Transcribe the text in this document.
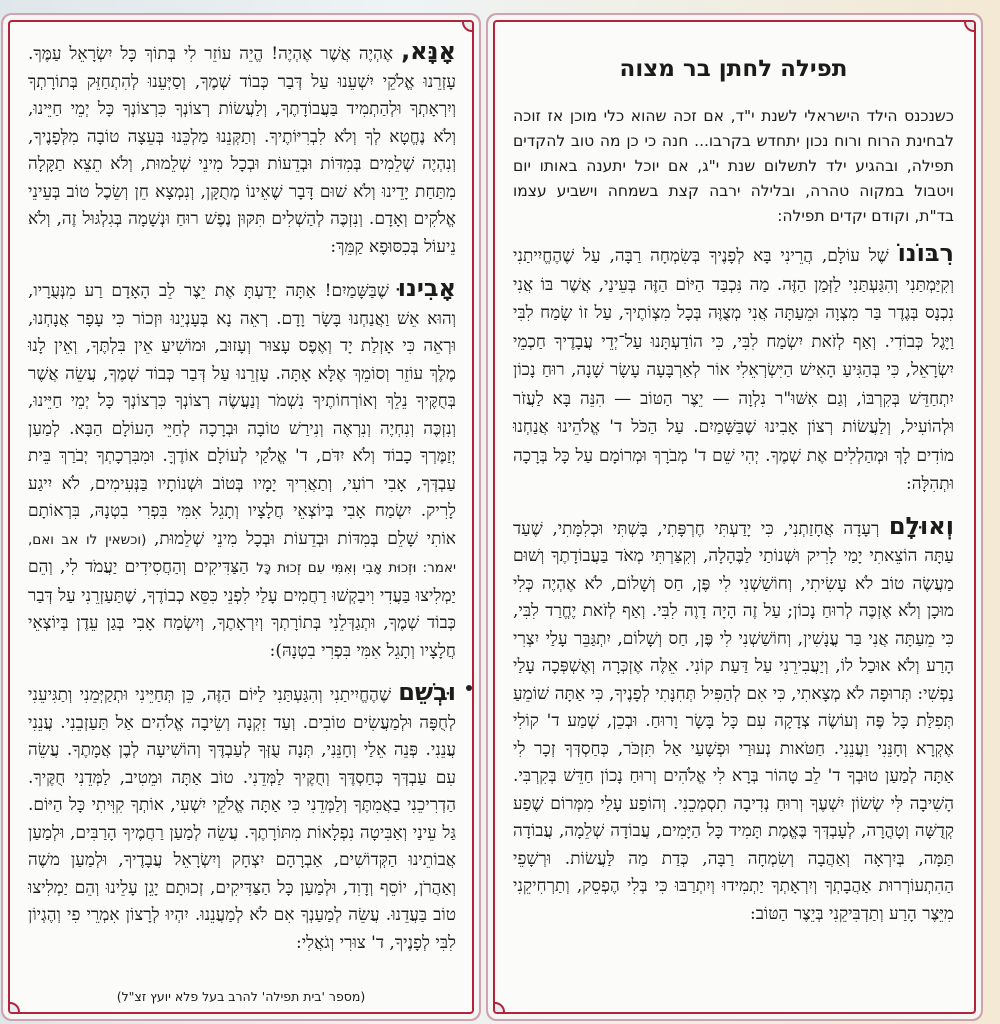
תפילה לחתן בר מצוה

כשנכנס הילד הישראלי לשנת י"ד, אם זכה שהוא כלי מוכן אז זוכה לבחינת הרוח ורוח נכון יתחדש בקרבו... חנה כי כן מה טוב להקדים תפילה, ובהגיע ילד לתשלום שנת י"ג, אם יוכל יתענה באותו יום ויטבול במקוה טהרה, ובלילה ירבה קצת בשמחה וישביע עצמו בד"ת, וקודם יקדים תפילה:

רִבּוֹנוֹ שֶׁל עוֹלָם, הֲרֵינִי בָּא לְפָנֶיךָ בְּשִׂמְחָה רַבָּה, עַל שֶׁהֶחֱיִיתַנִי וְקִיַּמְתַּנִי וְהִגַּעְתַּנִי לַזְּמַן הַזֶּה. מַה נִּכְבַּד הַיּוֹם הַזֶּה בְּעֵינַי, אֲשֶׁר בּוֹ אֲנִי נִכְנָס בְּגֶדֶר בַּר מִצְוָה וּמֵעַתָּה אֲנִי מְצֻוֶּה בְּכָל מִצְוֹתֶיךָ, עַל זוֹ שָׂמַח לִבִּי וַיָּגֶל כְּבוֹדִי. וְאַף לְזֹאת יִשְׂמַח לִבִּי, כִּי הוֹדַעְתָּנוּ עַל־יְדֵי עֲבָדֶיךָ חַכְמֵי יִשְׂרָאֵל, כִּי בְּהַגִּיעַ הָאִישׁ הַיִּשְׂרְאֵלִי אוֹר לְאַרְבָּעָה עָשָׂר שָׁנָה, רוּחַ נָכוֹן יִתְחַדֵּשׁ בְּקִרְבּוֹ, וְגַם אִשּׁוּ"ר נִלְוָה — יֵצֶר הַטּוֹב — הִנֵּה בָּא לַעֲזֹר וּלְהוֹעִיל, וְלַעֲשׂוֹת רְצוֹן אָבִינוּ שֶׁבַּשָּׁמַיִם. עַל הַכֹּל ד' אֱלֹהֵינוּ אֲנַחְנוּ מוֹדִים לָךְ וּמְהַלְלִים אֶת שְׁמֶךָ. יְהִי שֵׁם ד' מְבֹרָךְ וּמְרוֹמָם עַל כָּל בְּרָכָה וּתְהִלָּה:

וְאוּלָם רְעָדָה אֲחָזַתְנִי, כִּי יָדַעְתִּי חֶרְפָּתִי, בָּשְׁתִּי וּכְלִמָּתִי, שֶׁעַד עַתָּה הוֹצֵאתִי יָמַי לָרִיק וּשְׁנוֹתַי לַבֶּהָלָה, וְקִצַּרְתִּי מְאֹד בַּעֲבוֹדָתֶךָ וְשׁוּם מַעֲשֶׂה טוֹב לֹא עָשִׂיתִי, וְחוֹשַׁשְׁנִי לִי פֶּן, חַס וְשָׁלוֹם, לֹא אֶהְיֶה כְּלִי מוּכָן וְלֹא אֶזְכֶּה לְרוּחַ נָכוֹן; עַל זֶה הָיָה דָוֶה לִבִּי. וְאַף לְזֹאת יֶחֱרַד לִבִּי, כִּי מֵעַתָּה אֲנִי בַּר עֳנָשִׁין, וְחוֹשַׁשְׁנִי לִי פֶּן, חַס וְשָׁלוֹם, יִתְגַּבֵּר עָלַי יִצְרִי הָרַע וְלֹא אוּכַל לוֹ, וְיַעֲבִירֵנִי עַל דַּעַת קוֹנִי. אֵלֶּה אֶזְכְּרָה וְאֶשְׁפְּכָה עָלַי נַפְשִׁי: תְּרוּפָה לֹא מְצָאתִי, כִּי אִם לְהַפִּיל תְּחִנָּתִי לְפָנֶיךָ, כִּי אַתָּה שׁוֹמֵעַ תְּפִלַּת כָּל פֶּה וְעוֹשֶׂה צְדָקָה עִם כָּל בָּשָׂר וָרוּחַ. וּבְכֵן, שְׁמַע ד' קוֹלִי אֶקְרָא וְחָנֵּנִי וַעֲנֵנִי. חַטֹּאות נְעוּרַי וּפְשָׁעַי אַל תִּזְכֹּר, כְּחַסְדְּךָ זְכָר לִי אַתָּה לְמַעַן טוּבְךָ ד' לֵב טָהוֹר בְּרָא לִי אֱלֹהִים וְרוּחַ נָכוֹן חַדֵּשׁ בְּקִרְבִּי. הָשִׁיבָה לִּי שְׂשׂוֹן יִשְׁעֶךָ וְרוּחַ נְדִיבָה תִסְמְכֵנִי. וְהוֹפַע עָלַי מִמְּרוֹם שֶׁפַע קְדֻשָּׁה וְטָהֳרָה, לְעָבְדְּךָ בֶּאֱמֶת תָּמִיד כָּל הַיָּמִים, עֲבוֹדָה שְׁלֵמָה, עֲבוֹדָה תַּמָּה, בְּיִרְאָה וְאַהֲבָה וְשִׂמְחָה רַבָּה, כְּדַת מַה לַּעֲשׂוֹת. וּרְשָׁפֵי הַהִתְעוֹרְרוּת אַהֲבָתְךָ וְיִרְאָתְךָ יַתְמִידוּ וְיִתְרַבּוּ כִּי בְּלִי הֶפְסֵק, וְתַרְחִיקֵנִי מִיֵּצֶר הָרַע וְתַדְבִּיקֵנִי בְּיֵצֶר הַטּוֹב:

אָנָּא, אֶהְיֶה אֲשֶׁר אֶהְיֶה! הֱיֵה עוֹזֵר לִי בְּתוֹךְ כָּל יִשְׂרָאֵל עַמֶּךָ. עָזְרֵנוּ אֱלֹקֵי יִשְׁעֵנוּ עַל דְּבַר כְּבוֹד שְׁמֶךָ, וְסַיְּעֵנוּ לְהִתְחַזֵּק בְּתוֹרָתְךָ וְיִרְאָתְךָ וּלְהַתְמִיד בַּעֲבוֹדָתֶךָ, וְלַעֲשׂוֹת רְצוֹנְךָ כִּרְצוֹנְךָ כָּל יְמֵי חַיֵּינוּ, וְלֹא נֶחֱטָא לְךָ וְלֹא לִבְרִיּוֹתֶיךָ. וְתַקְּנֵנוּ מַלְכֵּנוּ בְּעֵצָה טוֹבָה מִלְּפָנֶיךָ, וְנִהְיֶה שְׁלֵמִים בְּמִדּוֹת וּבְדֵעוֹת וּבְכָל מִינֵי שְׁלֵמוּת, וְלֹא תֵצֵא תַקָּלָה מִתַּחַת יָדֵינוּ וְלֹא שׁוּם דָּבָר שֶׁאֵינוֹ מְתֻקָּן, וְנִמְצָא חֵן וְשֵׂכֶל טוֹב בְּעֵינֵי אֱלֹקִים וְאָדָם. וְנִזְכֶּה לְהַשְׁלִים תִּקּוּן נֶפֶשׁ רוּחַ וּנְשָׁמָה בְּגִלְגּוּל זֶה, וְלֹא נֵיעוֹל בְּכִסּוּפָא קַמֵּךְ:

אָבִינוּ שֶׁבַּשָּׁמַיִם! אַתָּה יָדַעְתָּ אֶת יֵצֶר לֵב הָאָדָם רַע מִנְּעֻרָיו, וְהוּא אֵשׁ וַאֲנַחְנוּ בָּשָׂר וָדָם. רְאֵה נָא בְּעָנְיֵנוּ וּזְכוֹר כִּי עָפָר אֲנָחְנוּ, וּרְאֵה כִּי אָזְלַת יָד וְאֶפֶס עָצוּר וְעָזוּב, וּמוֹשִׁיעַ אֵין בִּלְתֶּךָ, וְאֵין לָנוּ מֶלֶךְ עוֹזֵר וְסוֹמֵךְ אֶלָּא אָתָּה. עָזְרֵנוּ עַל דְּבַר כְּבוֹד שְׁמֶךָ, עֲשֵׂה אֲשֶׁר בְּחֻקֶּיךָ נֵלֵךְ וְאוֹרְחוֹתֶיךָ נִשְׁמֹר וְנַעֲשֶׂה רְצוֹנְךָ כִּרְצוֹנְךָ כָּל יְמֵי חַיֵּינוּ, וְנִזְכֶּה וְנִחְיֶה וְנִרְאֶה וְנִירַשׁ טוֹבָה וּבְרָכָה לְחַיֵּי הָעוֹלָם הַבָּא. לְמַעַן יְזַמֶּרְךָ כָבוֹד וְלֹא יִדֹּם, ד' אֱלֹקַי לְעוֹלָם אוֹדֶךָּ. וּמִבִּרְכָתְךָ יְבֹרַךְ בֵּית עַבְדְּךָ, אָבִי רוֹעִי, וְתַאֲרִיךְ יָמָיו בְּטוֹב וּשְׁנוֹתָיו בַּנְּעִימִים, לֹא יִיגַע לָרִיק. יִשְׂמַח אָבִי בְּיוֹצְאֵי חֲלָצָיו וְתָגֵל אִמִּי בִּפְרִי בִטְנָהּ, בִּרְאוֹתָם אוֹתִי שָׁלֵם בְּמִדּוֹת וּבְדֵעוֹת וּבְכָל מִינֵי שְׁלֵמוּת, (וכשאין לו אב ואם, יאמר: וּזְכוּת אָבִי וְאִמִּי עִם זְכוּת כָּל הַצַּדִּיקִים וְהַחֲסִידִים יַעֲמֹד לִי, וְהֵם יַמְלִיצוּ בַּעֲדִי וִיבַקְשׁוּ רַחֲמִים עָלַי לִפְנֵי כִּסֵּא כְבוֹדֶךָ, שֶׁתַּעַזְרֵנִי עַל דְּבַר כְּבוֹד שְׁמֶךָ, וּתְגַדְּלֵנִי בְּתוֹרָתְךָ וְיִרְאָתֶךָ, וְיִשְׂמַח אָבִי בְּגַן עֵדֶן בְּיוֹצְאֵי חֲלָצָיו וְתָגֵל אִמִּי בִּפְרִי בִטְנָהּ):

וּבְשֵׁם שֶׁהֶחֱיִיתַנִי וְהִגַּעְתַּנִי לַיּוֹם הַזֶּה, כֵּן תְּחַיֵּינִי וּתְקַיְּמֵנִי וְתַגִּיעֵנִי לְחֻפָּה וּלְמַעֲשִׂים טוֹבִים. וְעַד זִקְנָה וְשֵׂיבָה אֱלֹהִים אַל תַּעַזְבֵנִי. עֲנֵנִי עֲנֵנִי. פְּנֵה אֵלַי וְחָנֵּנִי, תְּנָה עֻזְּךָ לְעַבְדֶּךָ וְהוֹשִׁיעָה לְבֶן אֲמָתֶךָ. עֲשֵׂה עִם עַבְדְּךָ כְּחַסְדֶּךָ וְחֻקֶּיךָ לַמְּדֵנִי. טוֹב אַתָּה וּמֵטִיב, לַמְּדֵנִי חֻקֶּיךָ. הַדְרִיכֵנִי בַאֲמִתֶּךָ וְלַמְּדֵנִי כִּי אַתָּה אֱלֹקֵי יִשְׁעִי, אוֹתְךָ קִוִּיתִי כָּל הַיּוֹם. גַּל עֵינַי וְאַבִּיטָה נִפְלָאוֹת מִתּוֹרָתֶךָ. עֲשֵׂה לְמַעַן רַחֲמֶיךָ הָרַבִּים, וּלְמַעַן אֲבוֹתֵינוּ הַקְּדוֹשִׁים, אַבְרָהָם יִצְחָק וְיִשְׂרָאֵל עֲבָדֶיךָ, וּלְמַעַן משֶׁה וְאַהֲרֹן, יוֹסֵף וְדָוִד, וּלְמַעַן כָּל הַצַּדִּיקִים, זְכוּתָם יָגֵן עָלֵינוּ וְהֵם יַמְלִיצוּ טוֹב בַּעֲדֵנוּ. עֲשֵׂה לְמַעַנְךָ אִם לֹא לְמַעֲנֵנוּ. יִהְיוּ לְרָצוֹן אִמְרֵי פִי וְהֶגְיוֹן לִבִּי לְפָנֶיךָ, ד' צוּרִי וְגֹאֲלִי:

(מספר 'בית תפילה' להרב בעל פלא יועץ זצ"ל)
